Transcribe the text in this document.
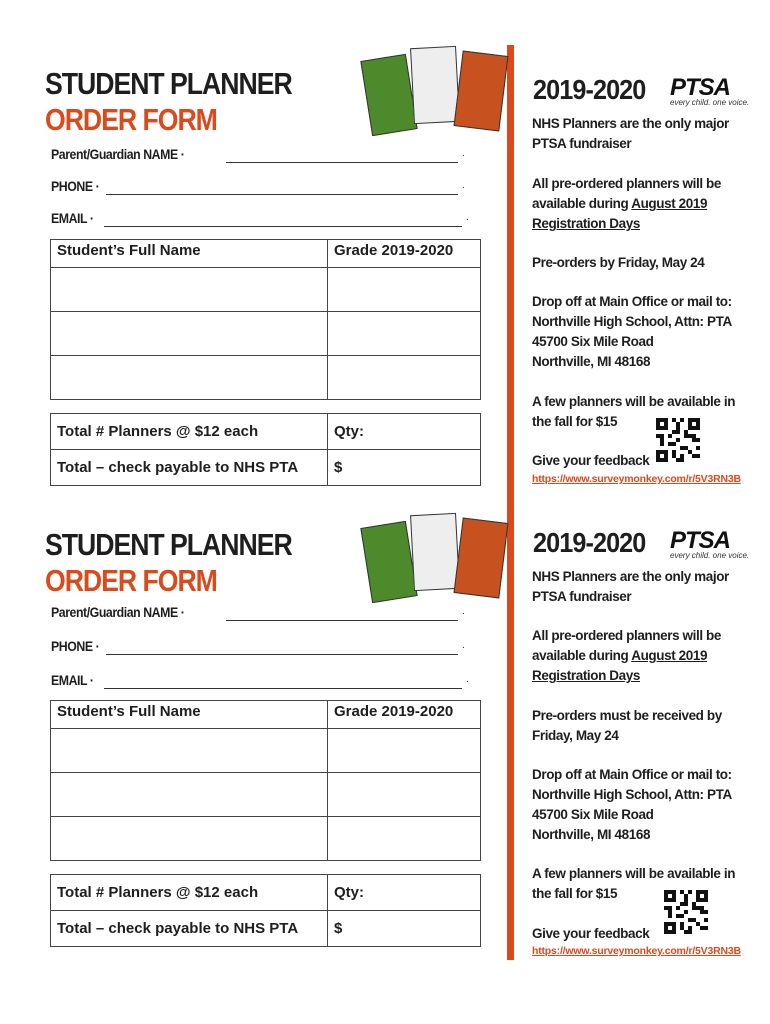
STUDENT PLANNER
ORDER FORM
Parent/Guardian NAME ·	.
PHONE ·	.
EMAIL ·	.
Student’s Full Name	Grade 2019-2020

Total # Planners @ $12 each	Qty:
Total – check payable to NHS PTA	$
2019-2020 PTSA
every child. one voice.
NHS Planners are the only major PTSA fundraiser
All pre-ordered planners will be available during August 2019
Registration Days
Pre-orders by Friday, May 24
Drop off at Main Office or mail to:
Northville High School, Attn: PTA
45700 Six Mile Road
Northville, MI 48168
A few planners will be available in the fall for $15
Give your feedback
https://www.surveymonkey.com/r/5V3RN3B
STUDENT PLANNER
ORDER FORM
Parent/Guardian NAME ·	.
PHONE ·	.
EMAIL ·	.
Student’s Full Name	Grade 2019-2020

Total # Planners @ $12 each	Qty:
Total – check payable to NHS PTA	$
2019-2020 PTSA
every child. one voice.
NHS Planners are the only major PTSA fundraiser
All pre-ordered planners will be available during August 2019
Registration Days
Pre-orders must be received by Friday, May 24
Drop off at Main Office or mail to:
Northville High School, Attn: PTA
45700 Six Mile Road
Northville, MI 48168
A few planners will be available in the fall for $15
Give your feedback
https://www.surveymonkey.com/r/5V3RN3B
